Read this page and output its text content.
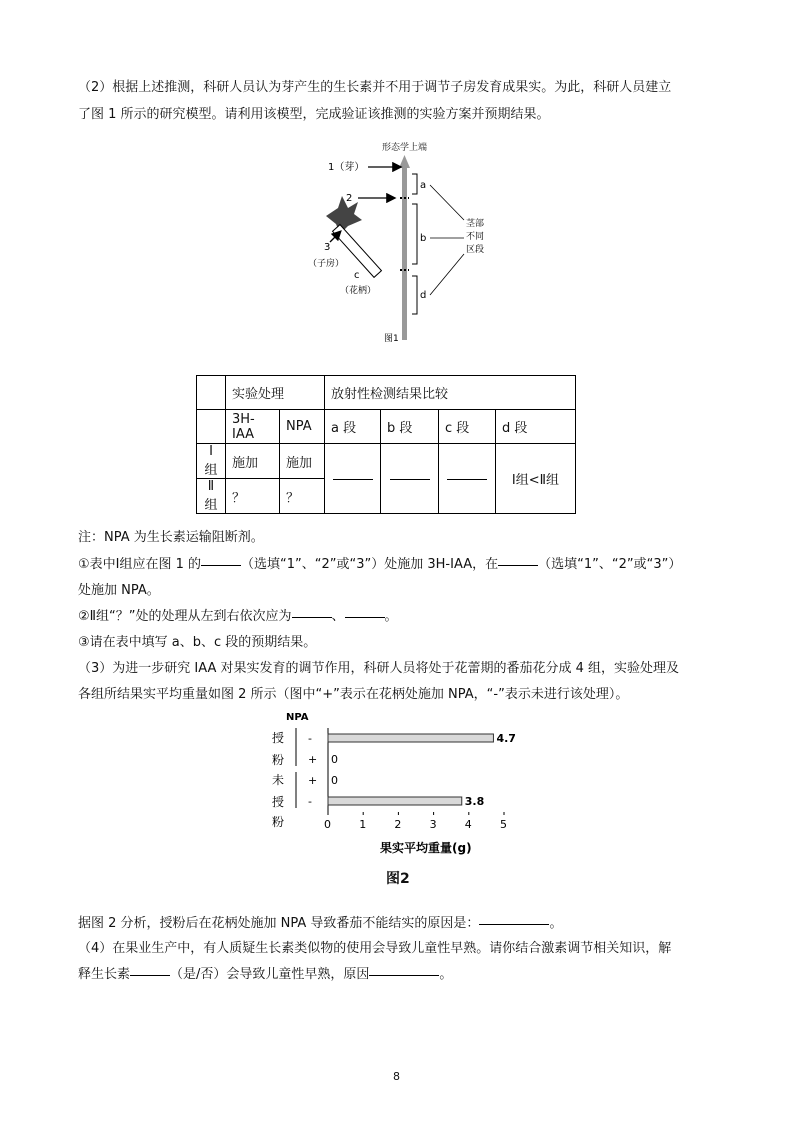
（2）根据上述推测，科研人员认为芽产生的生长素并不用于调节子房发育成果实。为此，科研人员建立
了图 1 所示的研究模型。请利用该模型，完成验证该推测的实验方案并预期结果。
形态学上端
1（芽）
2
3
（子房）
c
（花柄）
a
b
d
茎部
不同
区段
图1
	实验处理		放射性检测结果比较			
	3H-IAA	NPA	a 段	b 段	c 段	d 段
Ⅰ组	施加	施加				Ⅰ组<Ⅱ组
Ⅱ组	？	？				
注：NPA 为生长素运输阻断剂。
①表中Ⅰ组应在图 1 的	（选填“1”、“2”或“3”）处施加 3H-IAA，在	（选填“1”、“2”或“3”）
处施加 NPA。
②Ⅱ组“？”处的处理从左到右依次应为	、	。
③请在表中填写 a、b、c 段的预期结果。
（3）为进一步研究 IAA 对果实发育的调节作用，科研人员将处于花蕾期的番茄花分成 4 组，实验处理及
各组所结果实平均重量如图 2 所示（图中“+”表示在花柄处施加 NPA，“-”表示未进行该处理）。
NPA
授
粉
未
授
粉	0	1	2	3	4	5
果实平均重量(g)
-	4.7
+ 0
+ 0
-	3.8
图2
据图 2 分析，授粉后在花柄处施加 NPA 导致番茄不能结实的原因是：	。
（4）在果业生产中，有人质疑生长素类似物的使用会导致儿童性早熟。请你结合激素调节相关知识，解
释生长素	（是/否）会导致儿童性早熟，原因	。
8
